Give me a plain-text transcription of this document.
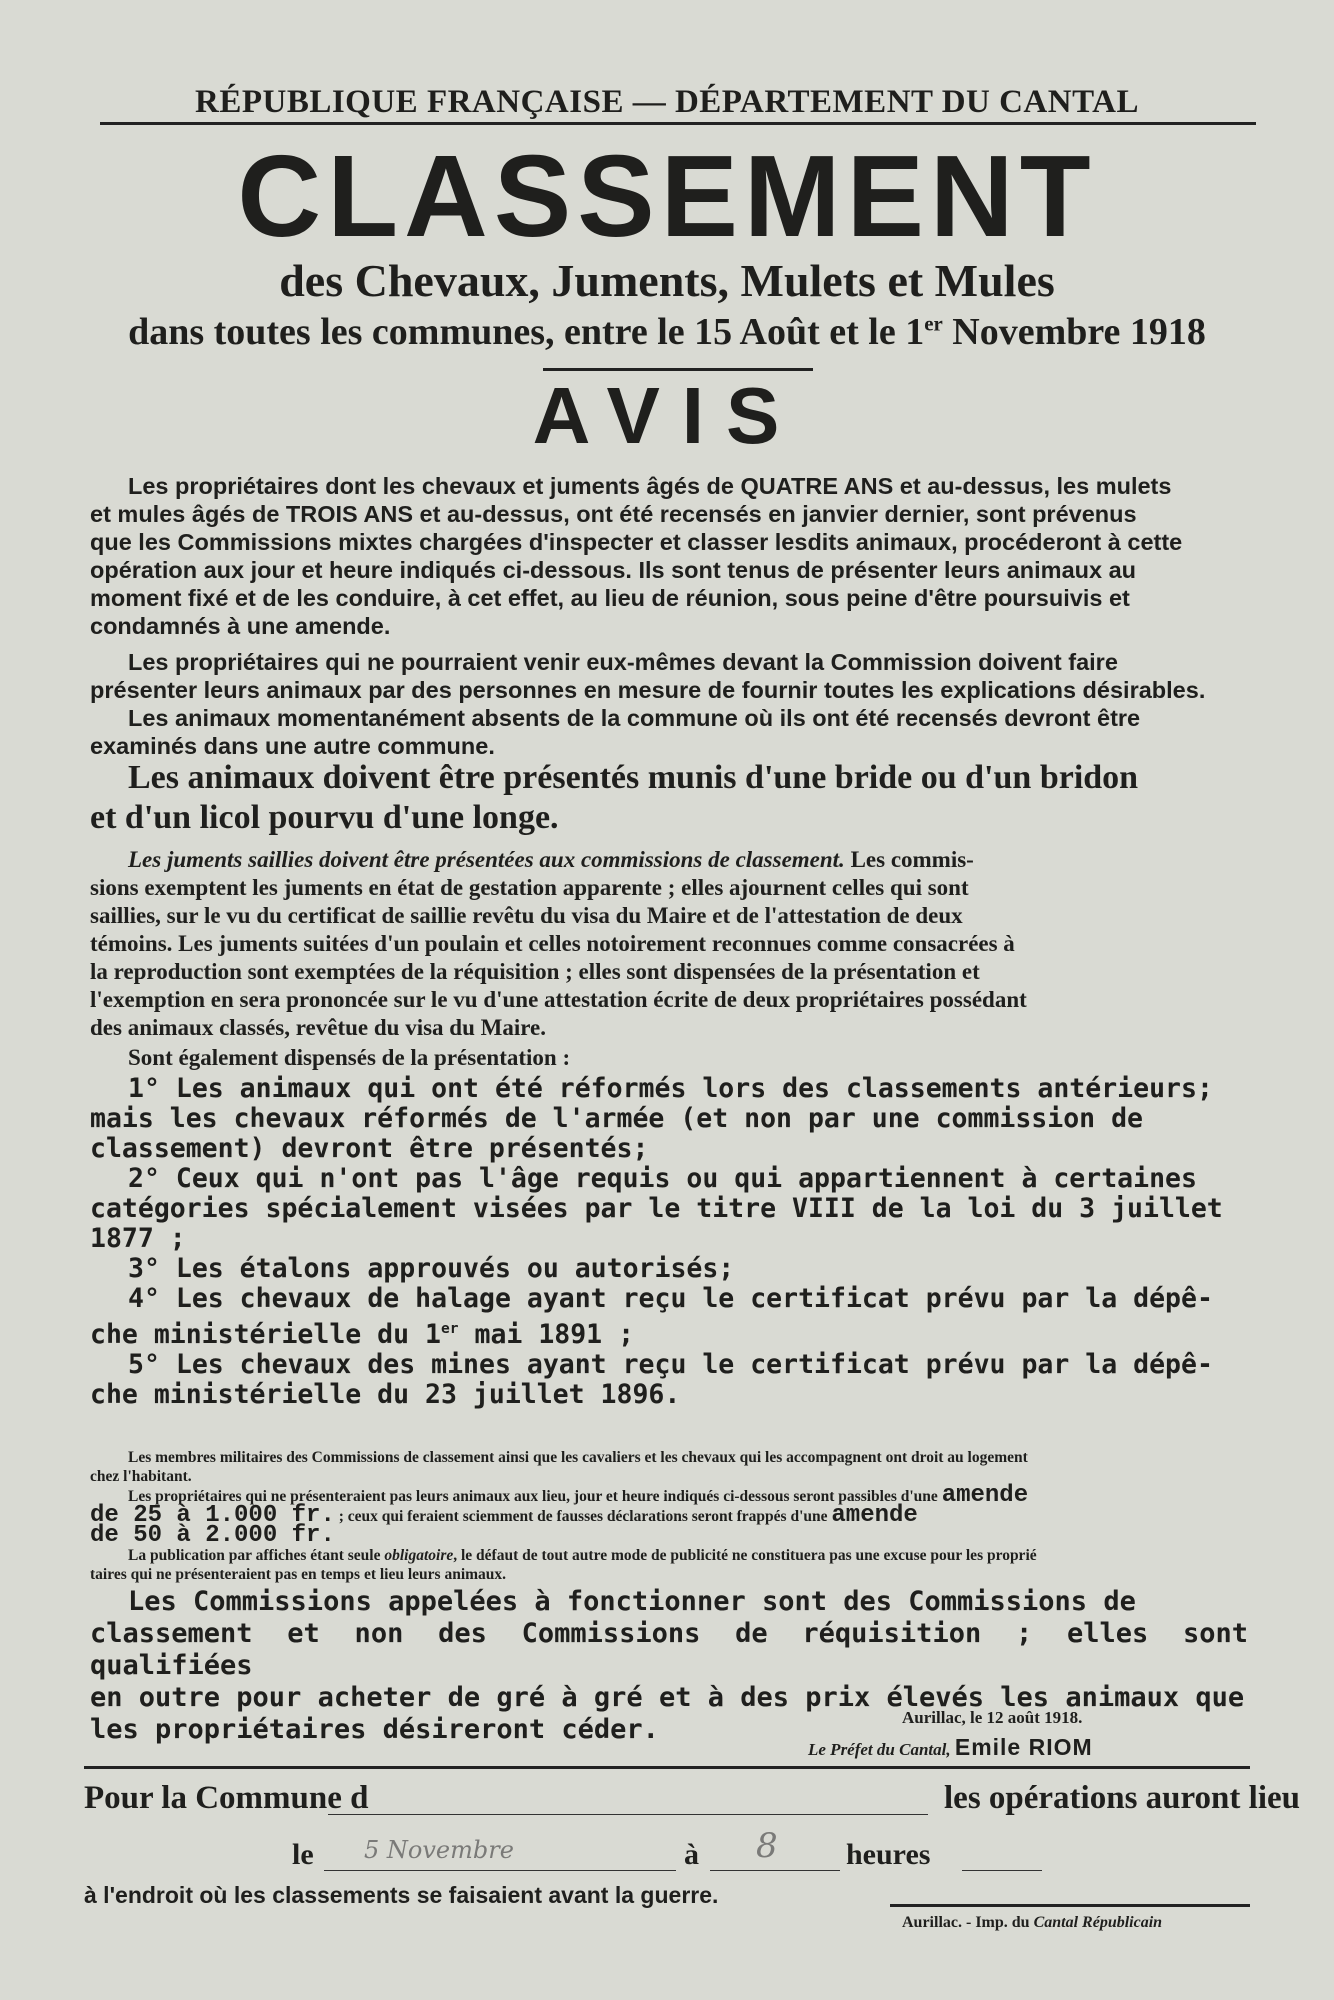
RÉPUBLIQUE FRANÇAISE — DÉPARTEMENT DU CANTAL
CLASSEMENT
des Chevaux, Juments, Mulets et Mules
dans toutes les communes, entre le 15 Août et le 1er Novembre 1918
AVIS
Les propriétaires dont les chevaux et juments âgés de QUATRE ANS et au-dessus, les mulets
et mules âgés de TROIS ANS et au-dessus, ont été recensés en janvier dernier, sont prévenus
que les Commissions mixtes chargées d'inspecter et classer lesdits animaux, procéderont à cette
opération aux jour et heure indiqués ci-dessous. Ils sont tenus de présenter leurs animaux au
moment fixé et de les conduire, à cet effet, au lieu de réunion, sous peine d'être poursuivis et
condamnés à une amende.
Les propriétaires qui ne pourraient venir eux-mêmes devant la Commission doivent faire
présenter leurs animaux par des personnes en mesure de fournir toutes les explications désirables.
Les animaux momentanément absents de la commune où ils ont été recensés devront être
examinés dans une autre commune.
Les animaux doivent être présentés munis d'une bride ou d'un bridon
et d'un licol pourvu d'une longe.
Les juments saillies doivent être présentées aux commissions de classement. Les commis-
sions exemptent les juments en état de gestation apparente ; elles ajournent celles qui sont
saillies, sur le vu du certificat de saillie revêtu du visa du Maire et de l'attestation de deux
témoins. Les juments suitées d'un poulain et celles notoirement reconnues comme consacrées à
la reproduction sont exemptées de la réquisition ; elles sont dispensées de la présentation et
l'exemption en sera prononcée sur le vu d'une attestation écrite de deux propriétaires possédant
des animaux classés, revêtue du visa du Maire.
Sont également dispensés de la présentation :
1° Les animaux qui ont été réformés lors des classements antérieurs;
mais les chevaux réformés de l'armée (et non par une commission de
classement) devront être présentés;
2° Ceux qui n'ont pas l'âge requis ou qui appartiennent à certaines
catégories spécialement visées par le titre VIII de la loi du 3 juillet
1877 ;
3° Les étalons approuvés ou autorisés;
4° Les chevaux de halage ayant reçu le certificat prévu par la dépê-
che ministérielle du 1er mai 1891 ;
5° Les chevaux des mines ayant reçu le certificat prévu par la dépê-
che ministérielle du 23 juillet 1896.
Les membres militaires des Commissions de classement ainsi que les cavaliers et les chevaux qui les accompagnent ont droit au logement
chez l'habitant.
Les propriétaires qui ne présenteraient pas leurs animaux aux lieu, jour et heure indiqués ci-dessous seront passibles d'une amende
de 25 à 1.000 fr. ; ceux qui feraient sciemment de fausses déclarations seront frappés d'une amende
de 50 à 2.000 fr.
La publication par affiches étant seule obligatoire, le défaut de tout autre mode de publicité ne constituera pas une excuse pour les proprié
taires qui ne présenteraient pas en temps et lieu leurs animaux.
Les Commissions appelées à fonctionner sont des Commissions de
classement et non des Commissions de réquisition ; elles sont qualifiées
en outre pour acheter de gré à gré et à des prix élevés les animaux que
les propriétaires désireront céder.	Aurillac, le 12 août 1918.
Le Préfet du Cantal, Emile RIOM
Pour la Commune d	les opérations auront lieu
le 5 Novembre	à 8 heures
à l'endroit où les classements se faisaient avant la guerre.
Aurillac. - Imp. du Cantal Républicain
